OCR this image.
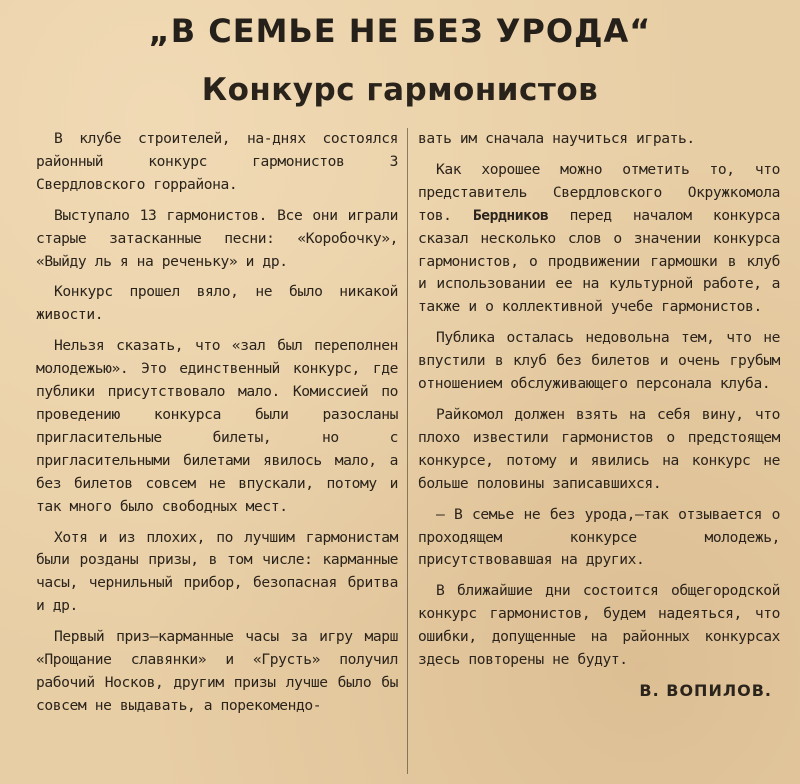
„В СЕМЬЕ НЕ БЕЗ УРОДА“
Конкурс гармонистов

В клубе строителей, на-днях состоялся районный конкурс гармонистов 3 Свердловского горрайона.

Выступало 13 гармонистов. Все они играли старые затасканные песни: «Коробочку», «Выйду ль я на реченьку» и др.

Конкурс прошел вяло, не было никакой живости.

Нельзя сказать, что «зал был переполнен молодежью». Это единственный конкурс, где публики присутствовало мало. Комиссией по проведению конкурса были разосланы пригласительные билеты, но с пригласительными билетами явилось мало, а без билетов совсем не впускали, потому и так много было свободных мест.

Хотя и из плохих, по лучшим гармонистам были розданы призы, в том числе: карманные часы, чернильный прибор, безопасная бритва и др.

Первый приз—карманные часы за игру марш «Прощание славянки» и «Грусть» получил рабочий Носков, другим призы лучше было бы совсем не выдавать, а порекомендо-

вать им сначала научиться играть.

Как хорошее можно отметить то, что представитель Свердловского Окружкомола тов. Бердников перед началом конкурса сказал несколько слов о значении конкурса гармонистов, о продвижении гармошки в клуб и использовании ее на культурной работе, а также и о коллективной учебе гармонистов.

Публика осталась недовольна тем, что не впустили в клуб без билетов и очень грубым отношением обслуживающего персонала клуба.

Райкомол должен взять на себя вину, что плохо известили гармонистов о предстоящем конкурсе, потому и явились на конкурс не больше половины записавшихся.

— В семье не без урода,—так отзывается о проходящем конкурсе молодежь, присутствовавшая на других.

В ближайшие дни состоится общегородской конкурс гармонистов, будем надеяться, что ошибки, допущенные на районных конкурсах здесь повторены не будут.

В. ВОПИЛОВ.
